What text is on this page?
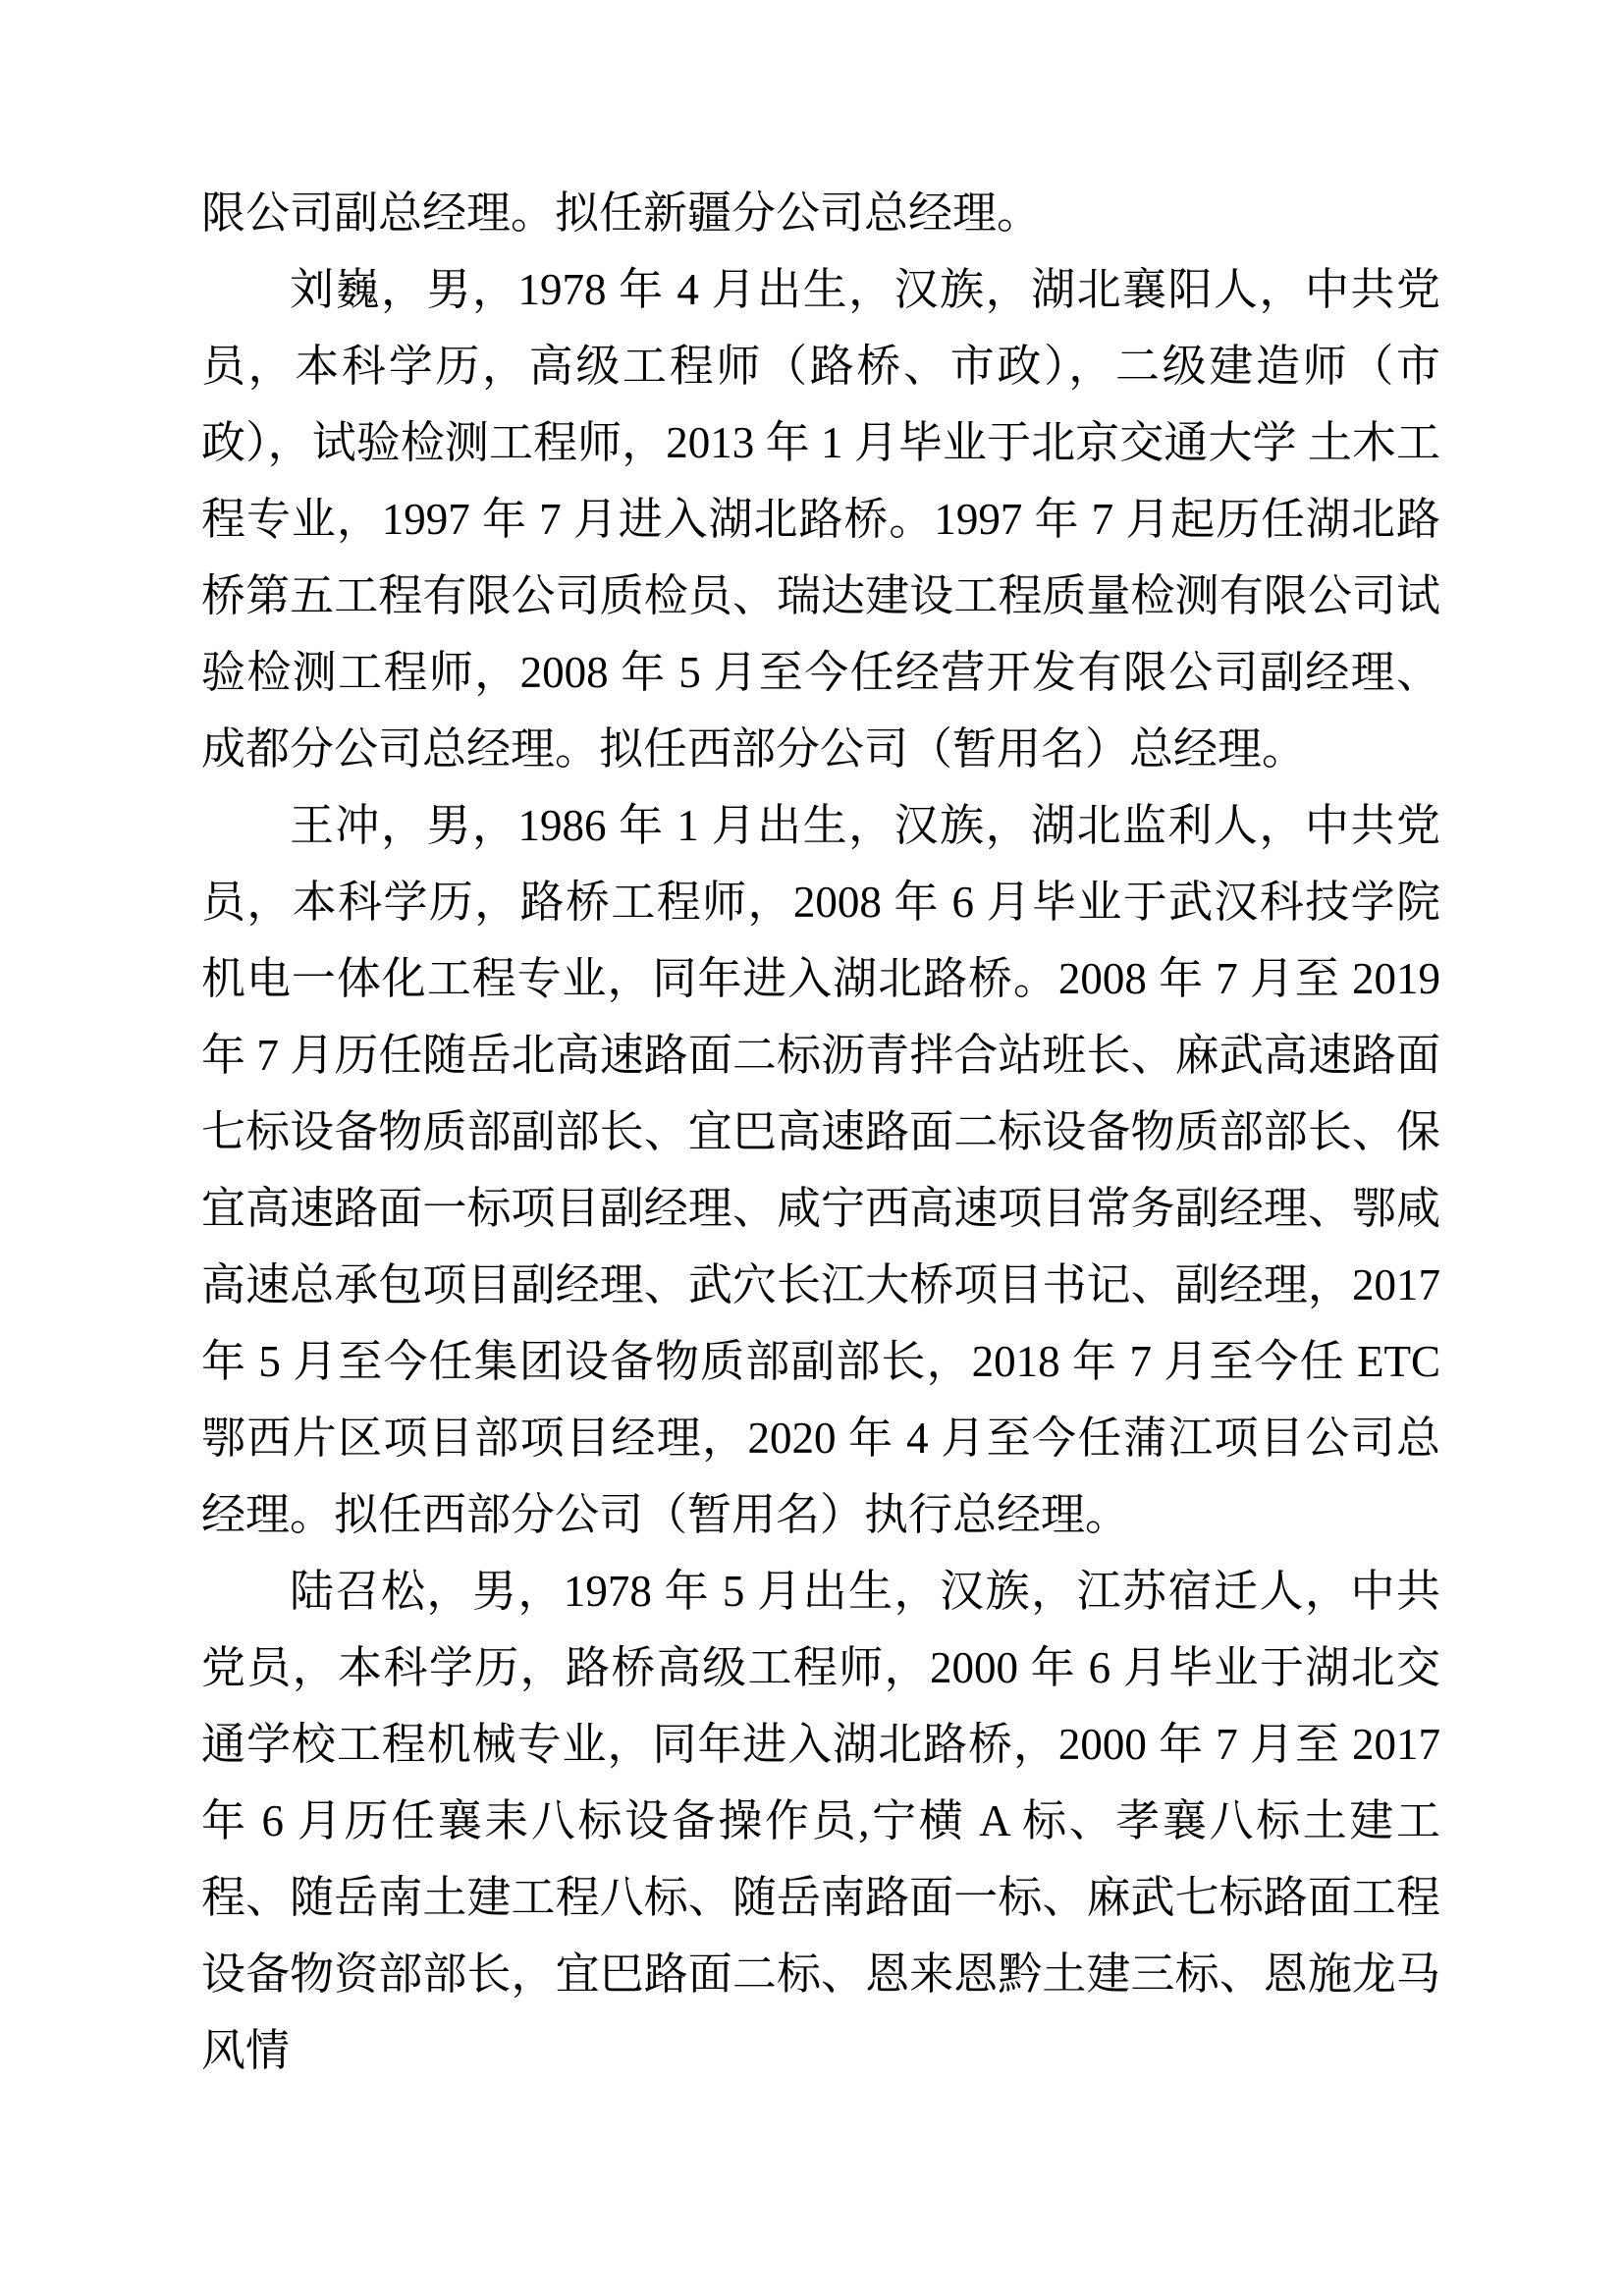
限公司副总经理。拟任新疆分公司总经理。

刘巍，男，1978 年 4 月出生，汉族，湖北襄阳人，中共党员，本科学历，高级工程师（路桥、市政），二级建造师（市政），试验检测工程师，2013 年 1 月毕业于北京交通大学 土木工程专业，1997 年 7 月进入湖北路桥。1997 年 7 月起历任湖北路桥第五工程有限公司质检员、瑞达建设工程质量检测有限公司试验检测工程师，2008 年 5 月至今任经营开发有限公司副经理、成都分公司总经理。拟任西部分公司（暂用名）总经理。

王冲，男，1986 年 1 月出生，汉族，湖北监利人，中共党员，本科学历，路桥工程师，2008 年 6 月毕业于武汉科技学院机电一体化工程专业，同年进入湖北路桥。2008 年 7 月至 2019 年 7 月历任随岳北高速路面二标沥青拌合站班长、麻武高速路面七标设备物质部副部长、宜巴高速路面二标设备物质部部长、保宜高速路面一标项目副经理、咸宁西高速项目常务副经理、鄂咸高速总承包项目副经理、武穴长江大桥项目书记、副经理，2017 年 5 月至今任集团设备物质部副部长，2018 年 7 月至今任 ETC 鄂西片区项目部项目经理，2020 年 4 月至今任蒲江项目公司总经理。拟任西部分公司（暂用名）执行总经理。

陆召松，男，1978 年 5 月出生，汉族，江苏宿迁人，中共党员，本科学历，路桥高级工程师，2000 年 6 月毕业于湖北交通学校工程机械专业，同年进入湖北路桥，2000 年 7 月至 2017 年 6 月历任襄耒八标设备操作员,宁横 A 标、孝襄八标土建工程、随岳南土建工程八标、随岳南路面一标、麻武七标路面工程设备物资部部长，宜巴路面二标、恩来恩黔土建三标、恩施龙马风情
